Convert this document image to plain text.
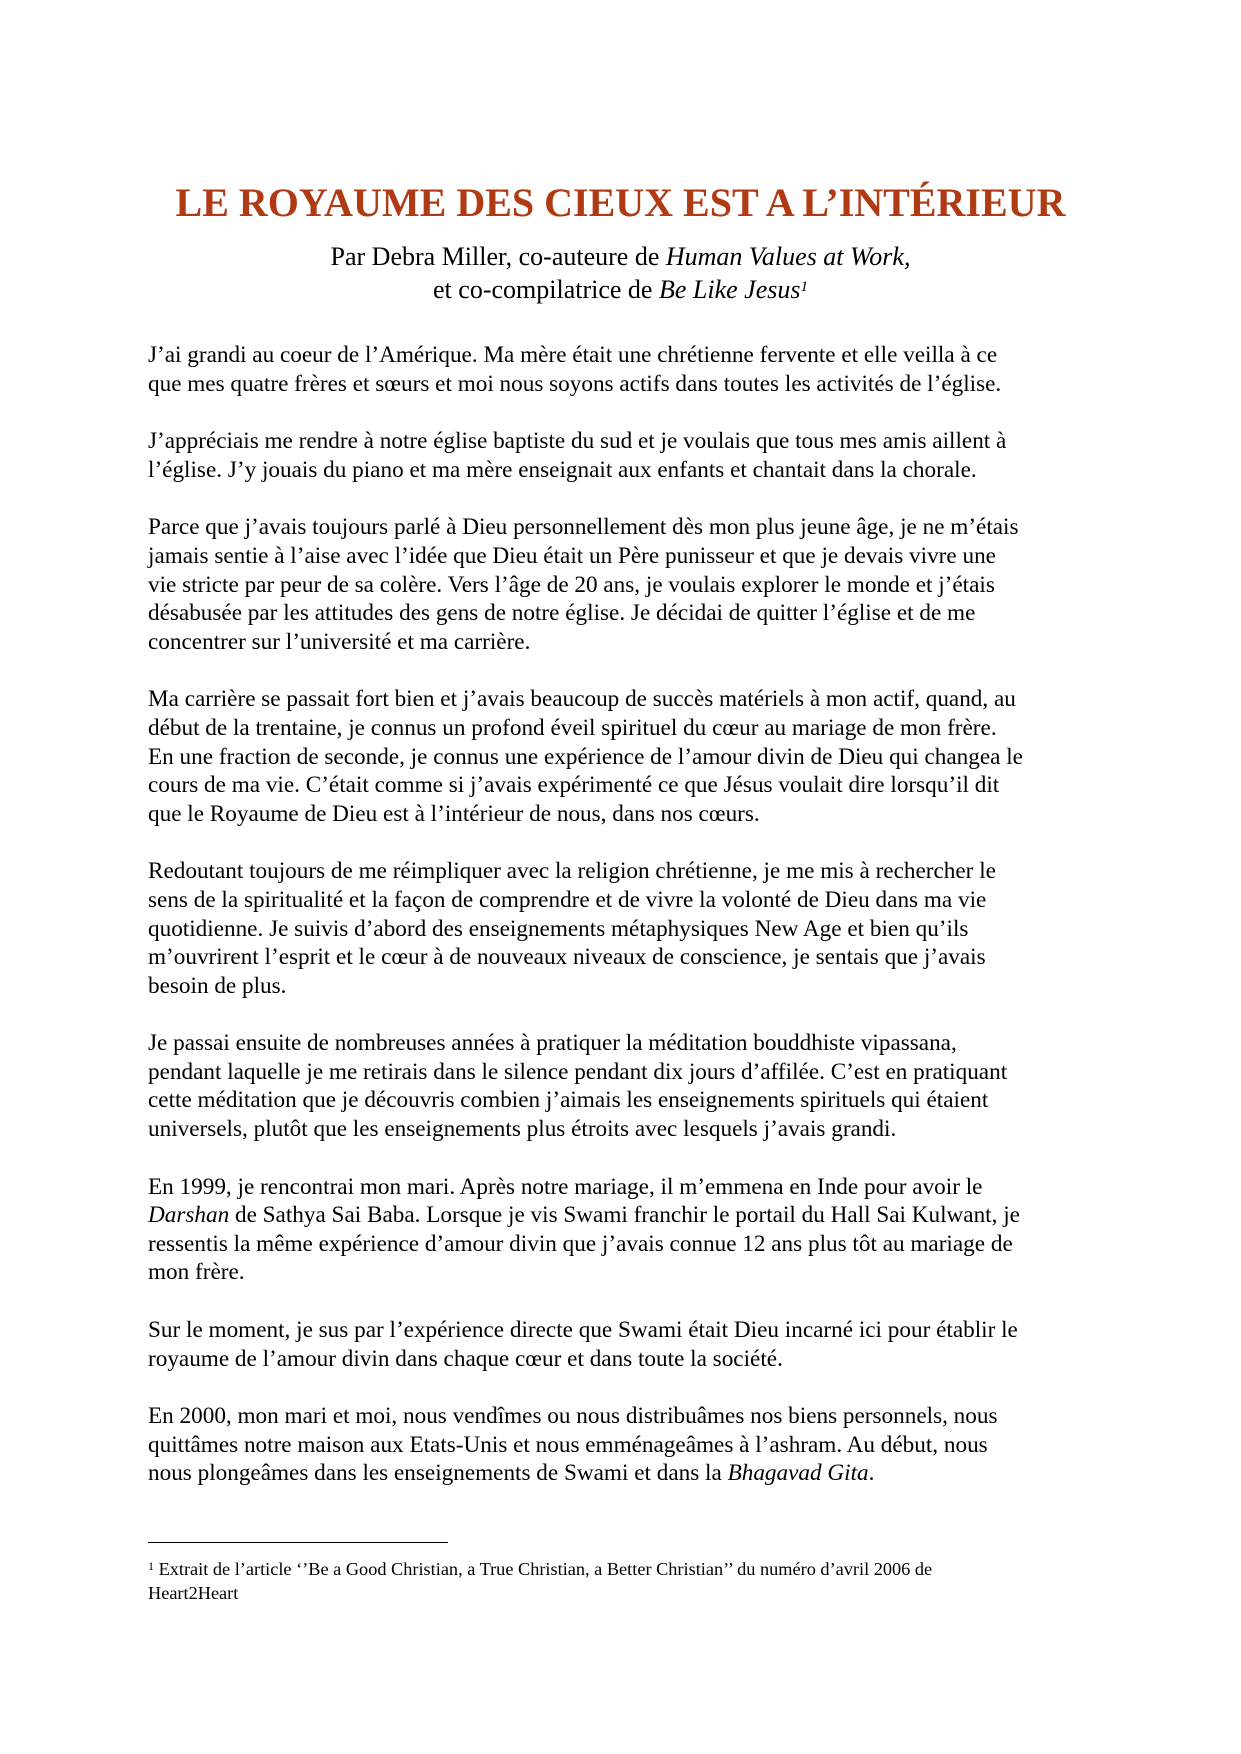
LE ROYAUME DES CIEUX EST A L’INTÉRIEUR
Par Debra Miller, co-auteure de Human Values at Work,
et co-compilatrice de Be Like Jesus$^1$

J’ai grandi au coeur de l’Amérique. Ma mère était une chrétienne fervente et elle veilla à ce
que mes quatre frères et sœurs et moi nous soyons actifs dans toutes les activités de l’église.

J’appréciais me rendre à notre église baptiste du sud et je voulais que tous mes amis aillent à
l’église. J’y jouais du piano et ma mère enseignait aux enfants et chantait dans la chorale.

Parce que j’avais toujours parlé à Dieu personnellement dès mon plus jeune âge, je ne m’étais
jamais sentie à l’aise avec l’idée que Dieu était un Père punisseur et que je devais vivre une
vie stricte par peur de sa colère. Vers l’âge de 20 ans, je voulais explorer le monde et j’étais
désabusée par les attitudes des gens de notre église. Je décidai de quitter l’église et de me
concentrer sur l’université et ma carrière.

Ma carrière se passait fort bien et j’avais beaucoup de succès matériels à mon actif, quand, au
début de la trentaine, je connus un profond éveil spirituel du cœur au mariage de mon frère.
En une fraction de seconde, je connus une expérience de l’amour divin de Dieu qui changea le
cours de ma vie. C’était comme si j’avais expérimenté ce que Jésus voulait dire lorsqu’il dit
que le Royaume de Dieu est à l’intérieur de nous, dans nos cœurs.

Redoutant toujours de me réimpliquer avec la religion chrétienne, je me mis à rechercher le
sens de la spiritualité et la façon de comprendre et de vivre la volonté de Dieu dans ma vie
quotidienne. Je suivis d’abord des enseignements métaphysiques New Age et bien qu’ils
m’ouvrirent l’esprit et le cœur à de nouveaux niveaux de conscience, je sentais que j’avais
besoin de plus.

Je passai ensuite de nombreuses années à pratiquer la méditation bouddhiste vipassana,
pendant laquelle je me retirais dans le silence pendant dix jours d’affilée. C’est en pratiquant
cette méditation que je découvris combien j’aimais les enseignements spirituels qui étaient
universels, plutôt que les enseignements plus étroits avec lesquels j’avais grandi.

En 1999, je rencontrai mon mari. Après notre mariage, il m’emmena en Inde pour avoir le
Darshan de Sathya Sai Baba. Lorsque je vis Swami franchir le portail du Hall Sai Kulwant, je
ressentis la même expérience d’amour divin que j’avais connue 12 ans plus tôt au mariage de
mon frère.

Sur le moment, je sus par l’expérience directe que Swami était Dieu incarné ici pour établir le
royaume de l’amour divin dans chaque cœur et dans toute la société.

En 2000, mon mari et moi, nous vendîmes ou nous distribuâmes nos biens personnels, nous
quittâmes notre maison aux Etats-Unis et nous emménageâmes à l’ashram. Au début, nous
nous plongeâmes dans les enseignements de Swami et dans la Bhagavad Gita.

$^1$ Extrait de l’article ‘’Be a Good Christian, a True Christian, a Better Christian’’ du numéro d’avril 2006 de
Heart2Heart
